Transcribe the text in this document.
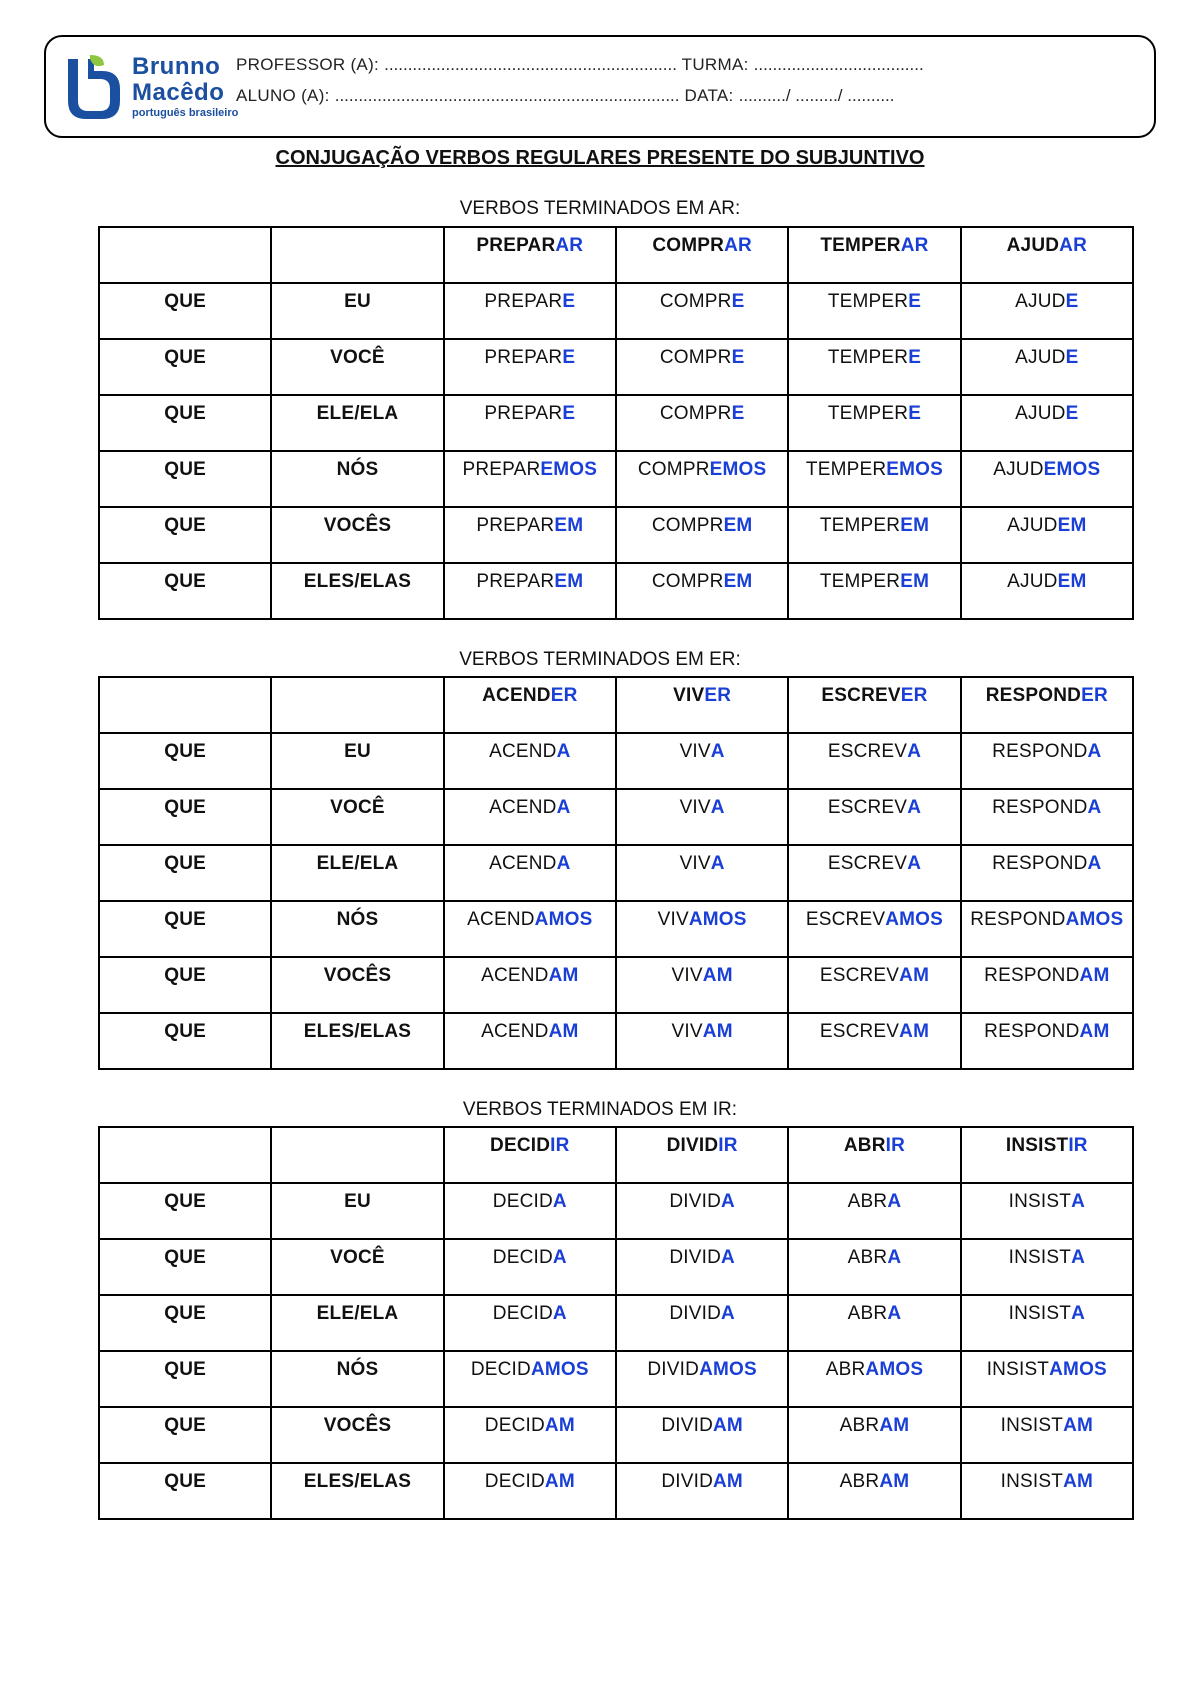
Brunno
Macêdo
português brasileiro
PROFESSOR (A): .............................................................. TURMA: ....................................
ALUNO (A): ......................................................................... DATA: ........../ ........./ ..........
CONJUGAÇÃO VERBOS REGULARES PRESENTE DO SUBJUNTIVO
VERBOS TERMINADOS EM AR:
		PREPARAR	COMPRAR	TEMPERAR	AJUDAR
QUE	EU	PREPARE	COMPRE	TEMPERE	AJUDE
QUE	VOCÊ	PREPARE	COMPRE	TEMPERE	AJUDE
QUE	ELE/ELA	PREPARE	COMPRE	TEMPERE	AJUDE
QUE	NÓS	PREPAREMOS	COMPREMOS	TEMPEREMOS	AJUDEMOS
QUE	VOCÊS	PREPAREM	COMPREM	TEMPEREM	AJUDEM
QUE	ELES/ELAS	PREPAREM	COMPREM	TEMPEREM	AJUDEM
VERBOS TERMINADOS EM ER:
		ACENDER	VIVER	ESCREVER	RESPONDER
QUE	EU	ACENDA	VIVA	ESCREVA	RESPONDA
QUE	VOCÊ	ACENDA	VIVA	ESCREVA	RESPONDA
QUE	ELE/ELA	ACENDA	VIVA	ESCREVA	RESPONDA
QUE	NÓS	ACENDAMOS	VIVAMOS	ESCREVAMOS	RESPONDAMOS
QUE	VOCÊS	ACENDAM	VIVAM	ESCREVAM	RESPONDAM
QUE	ELES/ELAS	ACENDAM	VIVAM	ESCREVAM	RESPONDAM
VERBOS TERMINADOS EM IR:
		DECIDIR	DIVIDIR	ABRIR	INSISTIR
QUE	EU	DECIDA	DIVIDA	ABRA	INSISTA
QUE	VOCÊ	DECIDA	DIVIDA	ABRA	INSISTA
QUE	ELE/ELA	DECIDA	DIVIDA	ABRA	INSISTA
QUE	NÓS	DECIDAMOS	DIVIDAMOS	ABRAMOS	INSISTAMOS
QUE	VOCÊS	DECIDAM	DIVIDAM	ABRAM	INSISTAM
QUE	ELES/ELAS	DECIDAM	DIVIDAM	ABRAM	INSISTAM
